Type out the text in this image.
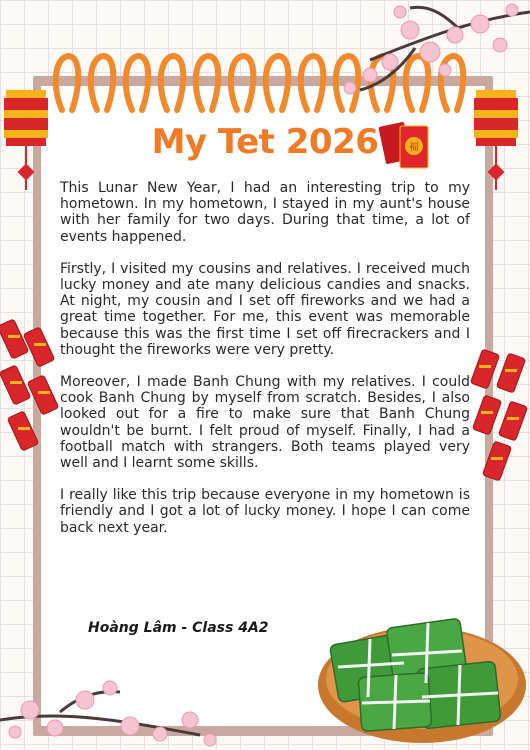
My Tet 2026	福

This Lunar New Year, I had an interesting trip to my hometown. In my hometown, I stayed in my aunt's house with her family for two days. During that time, a lot of events happened.

Firstly, I visited my cousins and relatives. I received much lucky money and ate many delicious candies and snacks. At night, my cousin and I set off fireworks and we had a great time together. For me, this event was memorable because this was the first time I set off firecrackers and I thought the fireworks were very pretty.

Moreover, I made Banh Chung with my relatives. I could cook Banh Chung by myself from scratch. Besides, I also looked out for a fire to make sure that Banh Chung wouldn't be burnt. I felt proud of myself. Finally, I had a football match with strangers. Both teams played very well and I learnt some skills.

I really like this trip because everyone in my hometown is friendly and I got a lot of lucky money. I hope I can come back next year.

Hoàng Lâm - Class 4A2
